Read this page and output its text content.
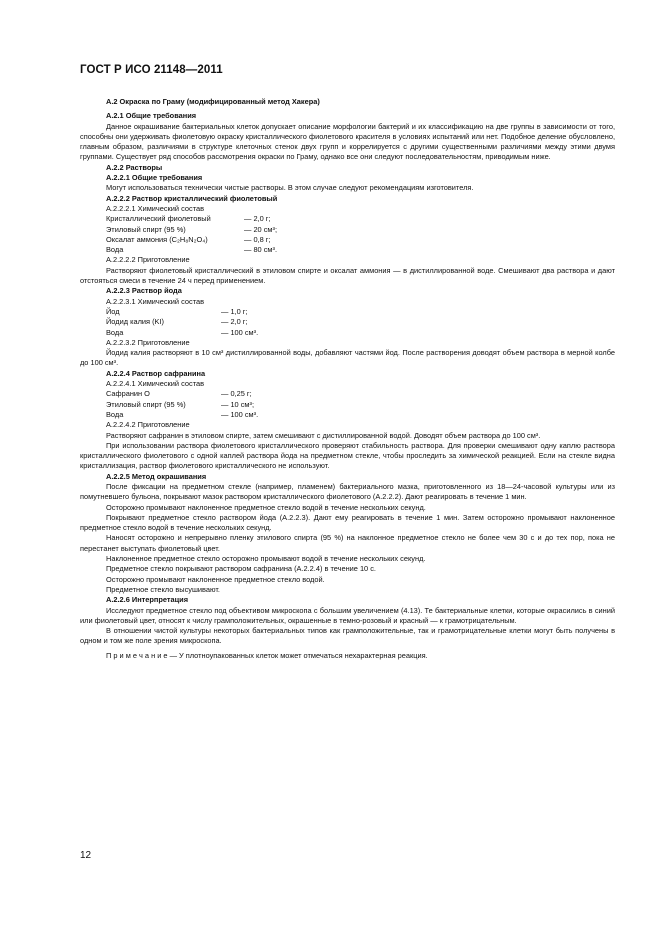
ГОСТ Р ИСО 21148—2011

A.2 Окраска по Граму (модифицированный метод Хакера)

A.2.1 Общие требования

Данное окрашивание бактериальных клеток допускает описание морфологии бактерий и их классификацию на две группы в зависимости от того, способны они удерживать фиолетовую окраску кристаллического фиолетового красителя в условиях испытаний или нет. Подобное деление обусловлено, главным образом, различиями в структуре клеточных стенок двух групп и коррелируется с другими существенными различиями между этими двумя группами. Существует ряд способов рассмотрения окраски по Граму, однако все они следуют последовательностям, приводимым ниже.

A.2.2 Растворы

A.2.2.1 Общие требования

Могут использоваться технически чистые растворы. В этом случае следуют рекомендациям изготовителя.

A.2.2.2 Раствор кристаллический фиолетовый

A.2.2.2.1 Химический состав

Кристаллический фиолетовый	— 2,0 г;
Этиловый спирт (95 %)	— 20 см³;
Оксалат аммония (C₂H₈N₂O₄)	— 0,8 г;
Вода	— 80 см³.

A.2.2.2.2 Приготовление

Растворяют фиолетовый кристаллический в этиловом спирте и оксалат аммония — в дистиллированной воде. Смешивают два раствора и дают отстояться смеси в течение 24 ч перед применением.

A.2.2.3 Раствор йода

A.2.2.3.1 Химический состав

Йод	— 1,0 г;
Йодид калия (KI)	— 2,0 г;
Вода	— 100 см³.

A.2.2.3.2 Приготовление

Йодид калия растворяют в 10 см³ дистиллированной воды, добавляют частями йод. После растворения доводят объем раствора в мерной колбе до 100 см³.

A.2.2.4 Раствор сафранина

A.2.2.4.1 Химический состав

Сафранин О	— 0,25 г;
Этиловый спирт (95 %)	— 10 см³;
Вода	— 100 см³.

A.2.2.4.2 Приготовление

Растворяют сафранин в этиловом спирте, затем смешивают с дистиллированной водой. Доводят объем раствора до 100 см³.

При использовании раствора фиолетового кристаллического проверяют стабильность раствора. Для проверки смешивают одну каплю раствора кристаллического фиолетового с одной каплей раствора йода на предметном стекле, чтобы проследить за химической реакцией. Если на стекле видна кристаллизация, раствор фиолетового кристаллического не используют.

A.2.2.5 Метод окрашивания

После фиксации на предметном стекле (например, пламенем) бактериального мазка, приготовленного из 18—24-часовой культуры или из помутневшего бульона, покрывают мазок раствором кристаллического фиолетового (А.2.2.2). Дают реагировать в течение 1 мин.

Осторожно промывают наклоненное предметное стекло водой в течение нескольких секунд.

Покрывают предметное стекло раствором йода (А.2.2.3). Дают ему реагировать в течение 1 мин. Затем осторожно промывают наклоненное предметное стекло водой в течение нескольких секунд.

Наносят осторожно и непрерывно пленку этилового спирта (95 %) на наклонное предметное стекло не более чем 30 с и до тех пор, пока не перестанет выступать фиолетовый цвет.

Наклоненное предметное стекло осторожно промывают водой в течение нескольких секунд.

Предметное стекло покрывают раствором сафранина (А.2.2.4) в течение 10 с.

Осторожно промывают наклоненное предметное стекло водой.

Предметное стекло высушивают.

A.2.2.6 Интерпретация

Исследуют предметное стекло под объективом микроскопа с большим увеличением (4.13). Те бактериальные клетки, которые окрасились в синий или фиолетовый цвет, относят к числу грамположительных, окрашенные в темно-розовый и красный — к грамотрицательным.

В отношении чистой культуры некоторых бактериальных типов как грамположительные, так и грамотрицательные клетки могут быть получены в одном и том же поле зрения микроскопа.

П р и м е ч а н и е — У плотноупакованных клеток может отмечаться нехарактерная реакция.

12
